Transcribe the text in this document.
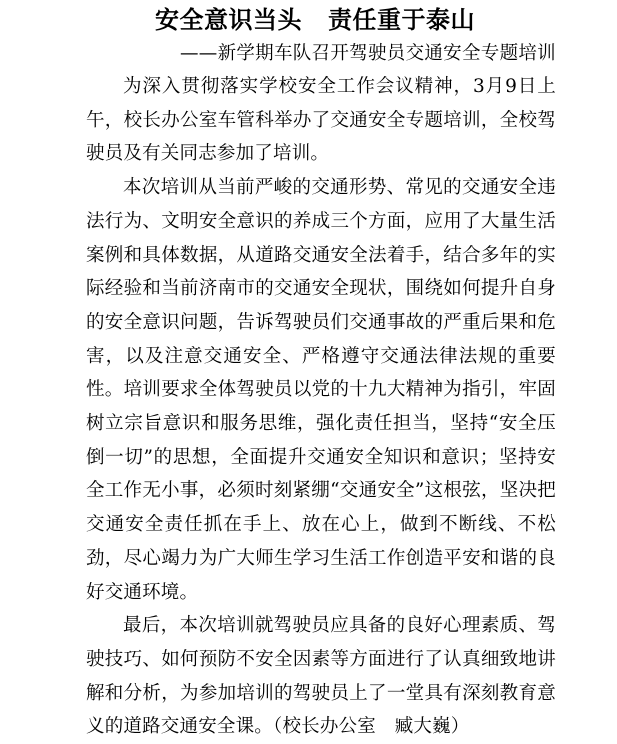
安全意识当头 责任重于泰山
——新学期车队召开驾驶员交通安全专题培训

为深入贯彻落实学校安全工作会议精神，3月9日上午，校长办公室车管科举办了交通安全专题培训，全校驾驶员及有关同志参加了培训。

本次培训从当前严峻的交通形势、常见的交通安全违法行为、文明安全意识的养成三个方面，应用了大量生活案例和具体数据，从道路交通安全法着手，结合多年的实际经验和当前济南市的交通安全现状，围绕如何提升自身的安全意识问题，告诉驾驶员们交通事故的严重后果和危害，以及注意交通安全、严格遵守交通法律法规的重要性。培训要求全体驾驶员以党的十九大精神为指引，牢固树立宗旨意识和服务思维，强化责任担当，坚持“安全压倒一切”的思想，全面提升交通安全知识和意识；坚持安全工作无小事，必须时刻紧绷“交通安全”这根弦，坚决把交通安全责任抓在手上、放在心上，做到不断线、不松劲，尽心竭力为广大师生学习生活工作创造平安和谐的良好交通环境。

最后，本次培训就驾驶员应具备的良好心理素质、驾驶技巧、如何预防不安全因素等方面进行了认真细致地讲解和分析，为参加培训的驾驶员上了一堂具有深刻教育意义的道路交通安全课。（校长办公室　臧大巍）
